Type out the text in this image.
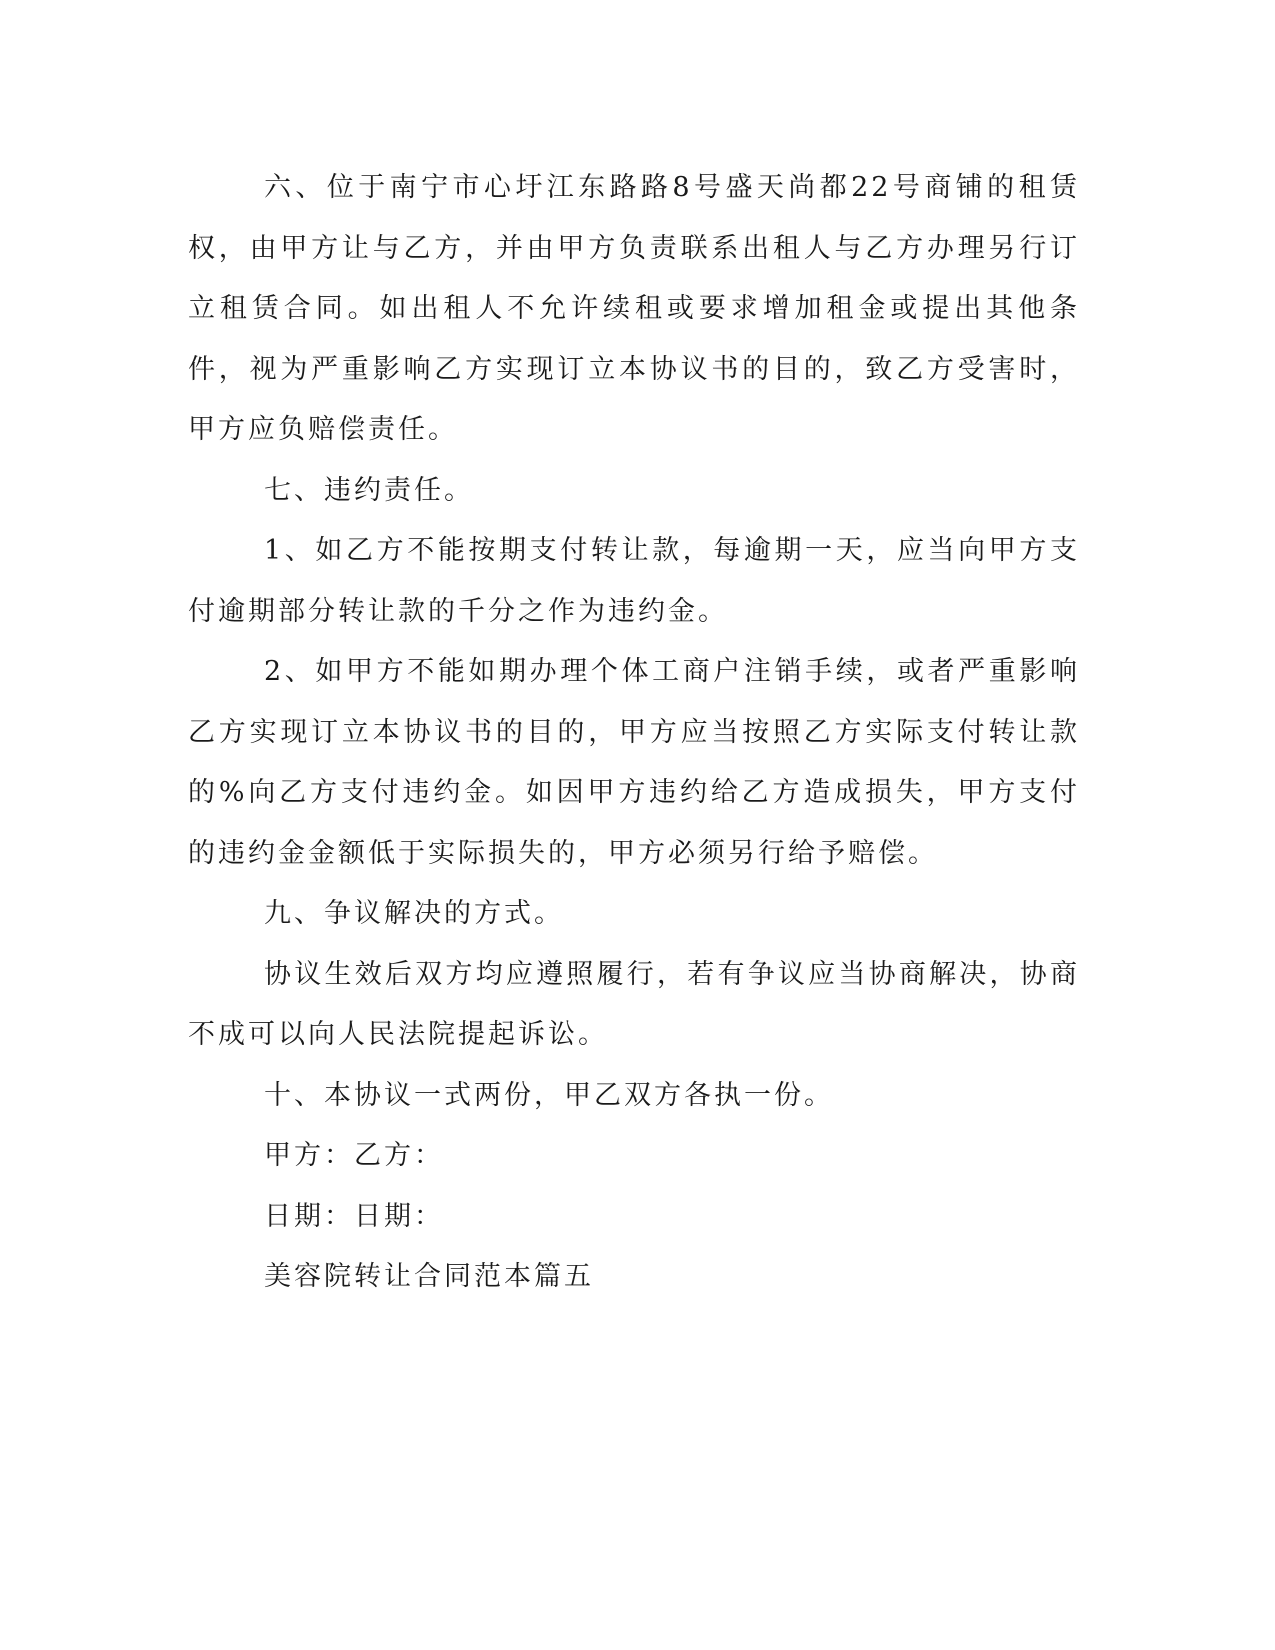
六、位于南宁市心圩江东路路8号盛天尚都22号商铺的租赁权，由甲方让与乙方，并由甲方负责联系出租人与乙方办理另行订立租赁合同。如出租人不允许续租或要求增加租金或提出其他条件，视为严重影响乙方实现订立本协议书的目的，致乙方受害时，甲方应负赔偿责任。

七、违约责任。

1、如乙方不能按期支付转让款，每逾期一天，应当向甲方支付逾期部分转让款的千分之作为违约金。

2、如甲方不能如期办理个体工商户注销手续，或者严重影响乙方实现订立本协议书的目的，甲方应当按照乙方实际支付转让款的%向乙方支付违约金。如因甲方违约给乙方造成损失，甲方支付的违约金金额低于实际损失的，甲方必须另行给予赔偿。

九、争议解决的方式。

协议生效后双方均应遵照履行，若有争议应当协商解决，协商不成可以向人民法院提起诉讼。

十、本协议一式两份，甲乙双方各执一份。

甲方：乙方：

日期：日期：

美容院转让合同范本篇五
